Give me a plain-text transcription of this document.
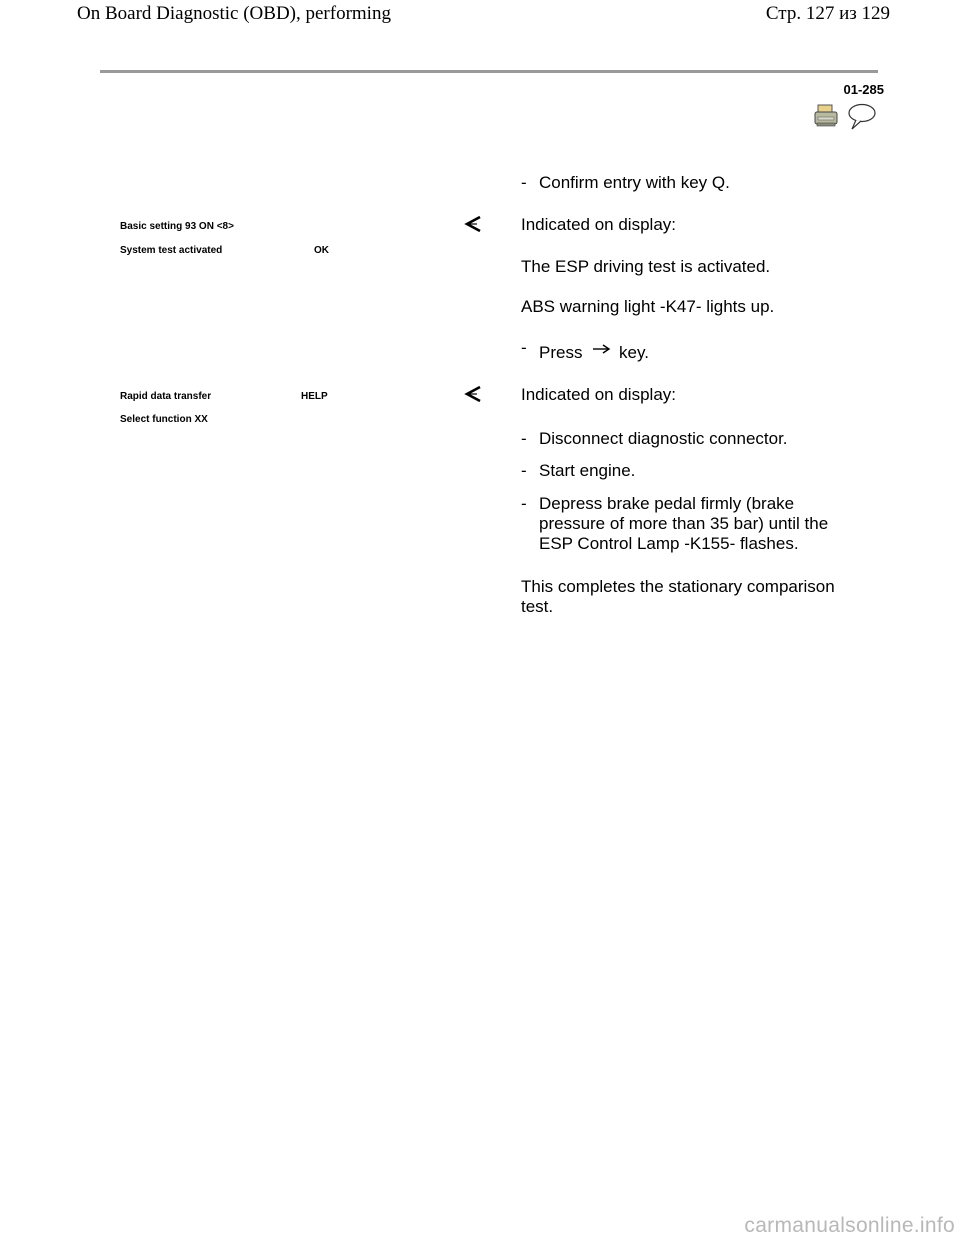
On Board Diagnostic (OBD), performing	Стр. 127 из 129
01-285
- Confirm entry with key Q.
Basic setting 93 ON <8>
System test activated	OK
Indicated on display:
The ESP driving test is activated.
ABS warning light -K47- lights up.
- Press key.
Rapid data transfer	HELP
Select function XX
Indicated on display:
- Disconnect diagnostic connector.
- Start engine.
- Depress brake pedal firmly (brake
pressure of more than 35 bar) until the
ESP Control Lamp -K155- flashes.
This completes the stationary comparison
test.
carmanualsonline.info
